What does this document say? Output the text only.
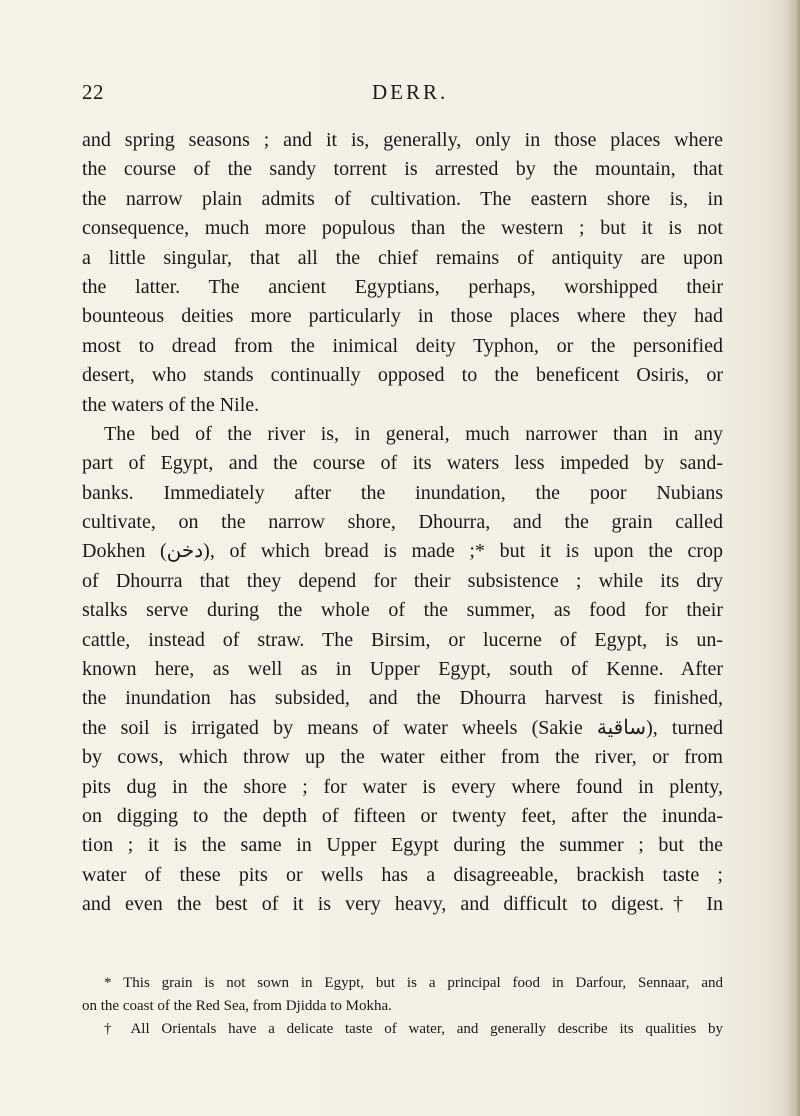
22	DERR.
and spring seasons ; and it is, generally, only in those places where
the course of the sandy torrent is arrested by the mountain, that
the narrow plain admits of cultivation. The eastern shore is, in
consequence, much more populous than the western ; but it is not
a little singular, that all the chief remains of antiquity are upon
the latter. The ancient Egyptians, perhaps, worshipped their
bounteous deities more particularly in those places where they had
most to dread from the inimical deity Typhon, or the personified
desert, who stands continually opposed to the beneficent Osiris, or
the waters of the Nile.
The bed of the river is, in general, much narrower than in any
part of Egypt, and the course of its waters less impeded by sand-
banks. Immediately after the inundation, the poor Nubians
cultivate, on the narrow shore, Dhourra, and the grain called
Dokhen (دخن), of which bread is made ;* but it is upon the crop
of Dhourra that they depend for their subsistence ; while its dry
stalks serve during the whole of the summer, as food for their
cattle, instead of straw. The Birsim, or lucerne of Egypt, is un-
known here, as well as in Upper Egypt, south of Kenne. After
the inundation has subsided, and the Dhourra harvest is finished,
the soil is irrigated by means of water wheels (Sakie ساقية), turned
by cows, which throw up the water either from the river, or from
pits dug in the shore ; for water is every where found in plenty,
on digging to the depth of fifteen or twenty feet, after the inunda-
tion ; it is the same in Upper Egypt during the summer ; but the
water of these pits or wells has a disagreeable, brackish taste ;
and even the best of it is very heavy, and difficult to digest.† In
* This grain is not sown in Egypt, but is a principal food in Darfour, Sennaar, and
on the coast of the Red Sea, from Djidda to Mokha.
† All Orientals have a delicate taste of water, and generally describe its qualities by
